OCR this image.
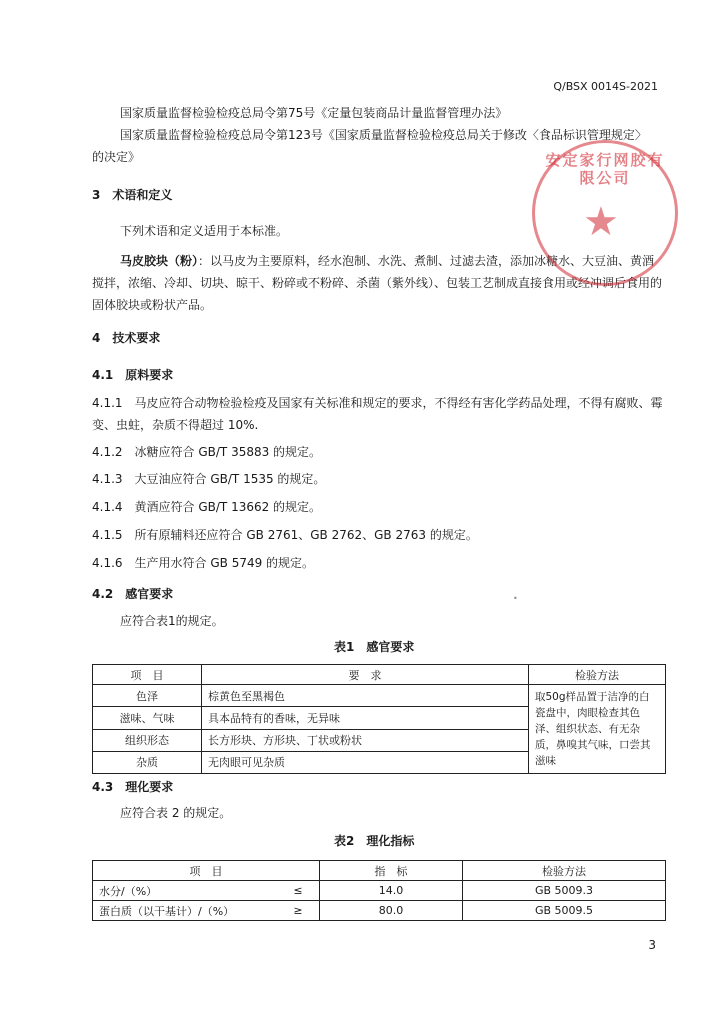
Q/BSX 0014S-2021
国家质量监督检验检疫总局令第75号《定量包装商品计量监督管理办法》
国家质量监督检验检疫总局令第123号《国家质量监督检验检疫总局关于修改〈食品标识管理规定〉
的决定》
3　术语和定义
下列术语和定义适用于本标准。
马皮胶块（粉）：以马皮为主要原料，经水泡制、水洗、煮制、过滤去渣，添加冰糖水、大豆油、黄酒搅拌，浓缩、冷却、切块、晾干、粉碎或不粉碎、杀菌（紫外线）、包装工艺制成直接食用或经冲调后食用的固体胶块或粉状产品。
安定家行网胶有限公司
★
4　技术要求
4.1　原料要求
4.1.1　马皮应符合动物检验检疫及国家有关标准和规定的要求，不得经有害化学药品处理，不得有腐败、霉变、虫蛀，杂质不得超过 10%.
4.1.2　冰糖应符合 GB/T 35883 的规定。
4.1.3　大豆油应符合 GB/T 1535 的规定。
4.1.4　黄酒应符合 GB/T 13662 的规定。
4.1.5　所有原辅料还应符合 GB 2761、GB 2762、GB 2763 的规定。
4.1.6　生产用水符合 GB 5749 的规定。
4.2　感官要求	•
应符合表1的规定。
表1　感官要求
项　目	要　求	检验方法
色泽	棕黄色至黑褐色	取50g样品置于洁净的白瓷盘中，肉眼检查其色泽、组织状态、有无杂质，鼻嗅其气味，口尝其滋味
滋味、气味	具本品特有的香味，无异味	
组织形态	长方形块、方形块、丁状或粉状	
杂质	无肉眼可见杂质	
4.3　理化要求
应符合表 2 的规定。
表2　理化指标
项　目		指　标	检验方法
水分/（%）	≤	14.0	GB 5009.3
蛋白质（以干基计）/（%）	≥	80.0	GB 5009.5
3
